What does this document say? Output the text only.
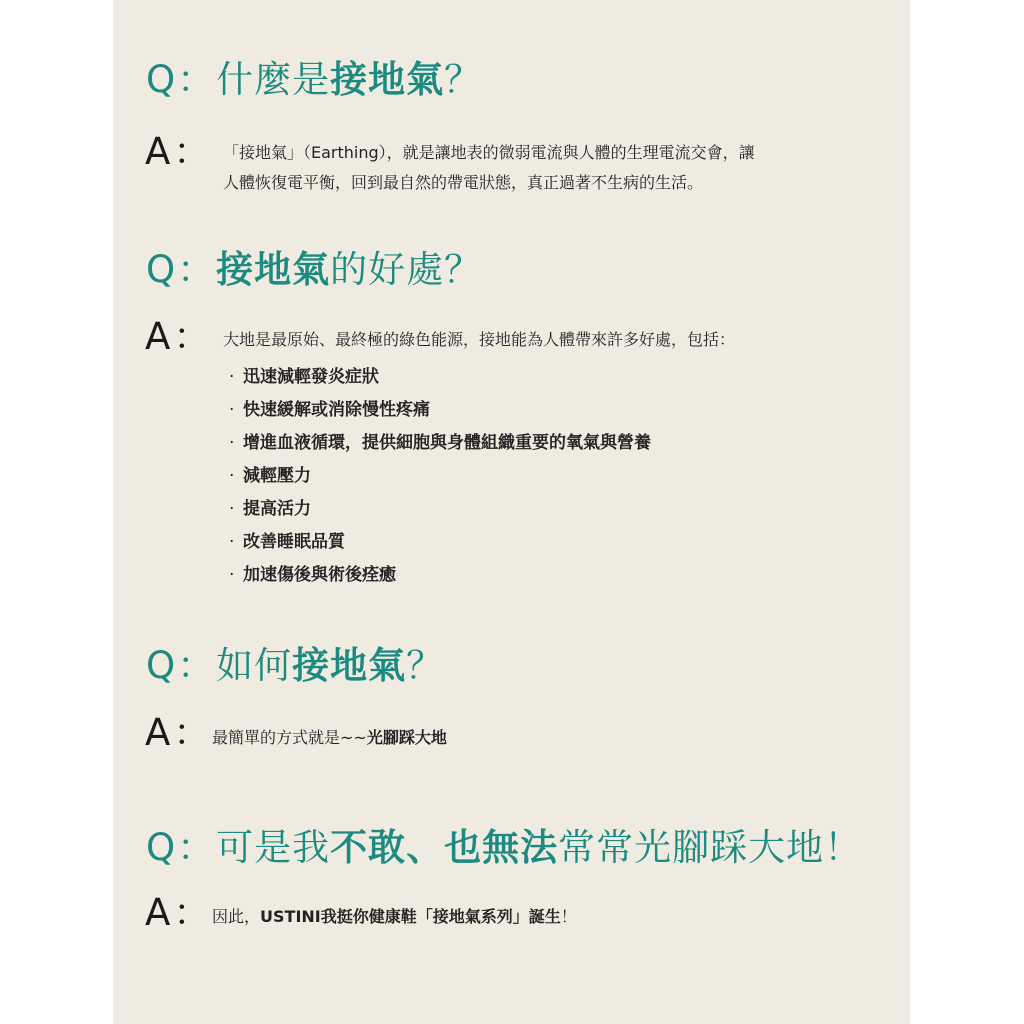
Q：什麼是接地氣？
A： 「接地氣」（Earthing），就是讓地表的微弱電流與人體的生理電流交會，讓
人體恢復電平衡，回到最自然的帶電狀態，真正過著不生病的生活。
Q：接地氣的好處？
A： 大地是最原始、最終極的綠色能源，接地能為人體帶來許多好處，包括：
· 迅速減輕發炎症狀
· 快速緩解或消除慢性疼痛
· 增進血液循環，提供細胞與身體組織重要的氧氣與營養
· 減輕壓力
· 提高活力
· 改善睡眠品質
· 加速傷後與術後痊癒
Q：如何接地氣？
A：
最簡單的方式就是~~光腳踩大地
Q：可是我不敢、也無法常常光腳踩大地！
A：
因此，USTINI我挺你健康鞋「接地氣系列」誕生！
